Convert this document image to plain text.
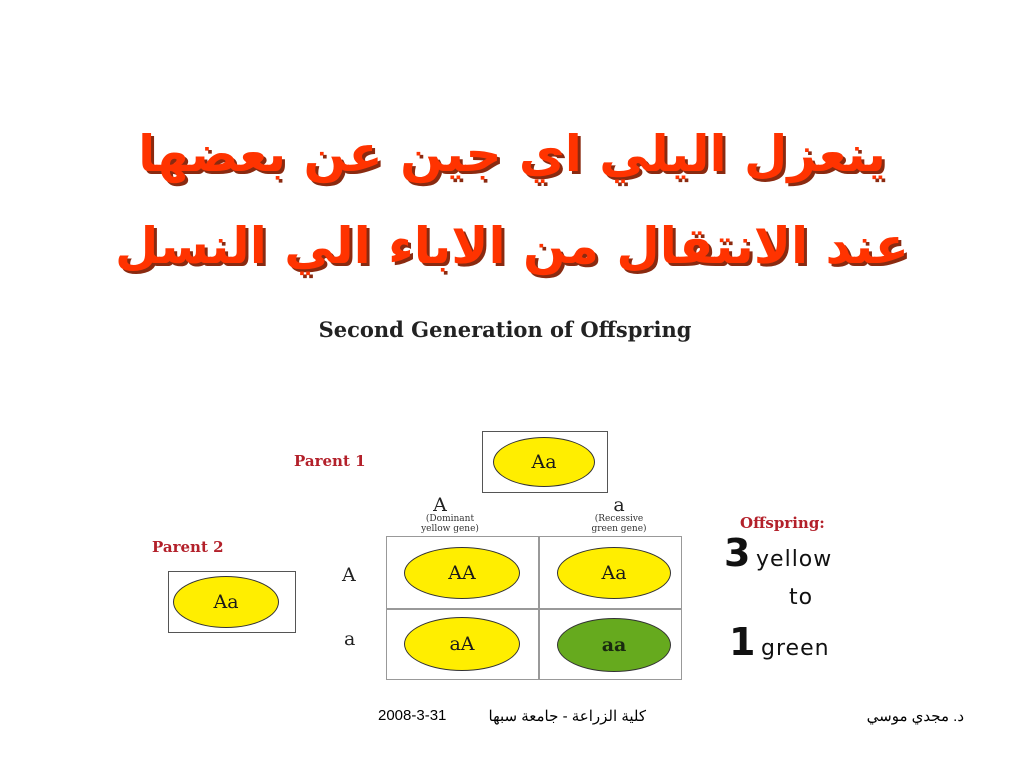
ينعزل اليلي اي جين عن بعضها
عند الانتقال من الاباء الي النسل
Second Generation of Offspring
Parent 1	Aa
A
(Dominant
yellow gene)
a
(Recessive
green gene)
Parent 2
Aa
A
a
AA	Aa
aA	aa
Offspring:
3 yellow
to
1 green
2008-3-31	كلية الزراعة - جامعة سبها	د. مجدي موسي
